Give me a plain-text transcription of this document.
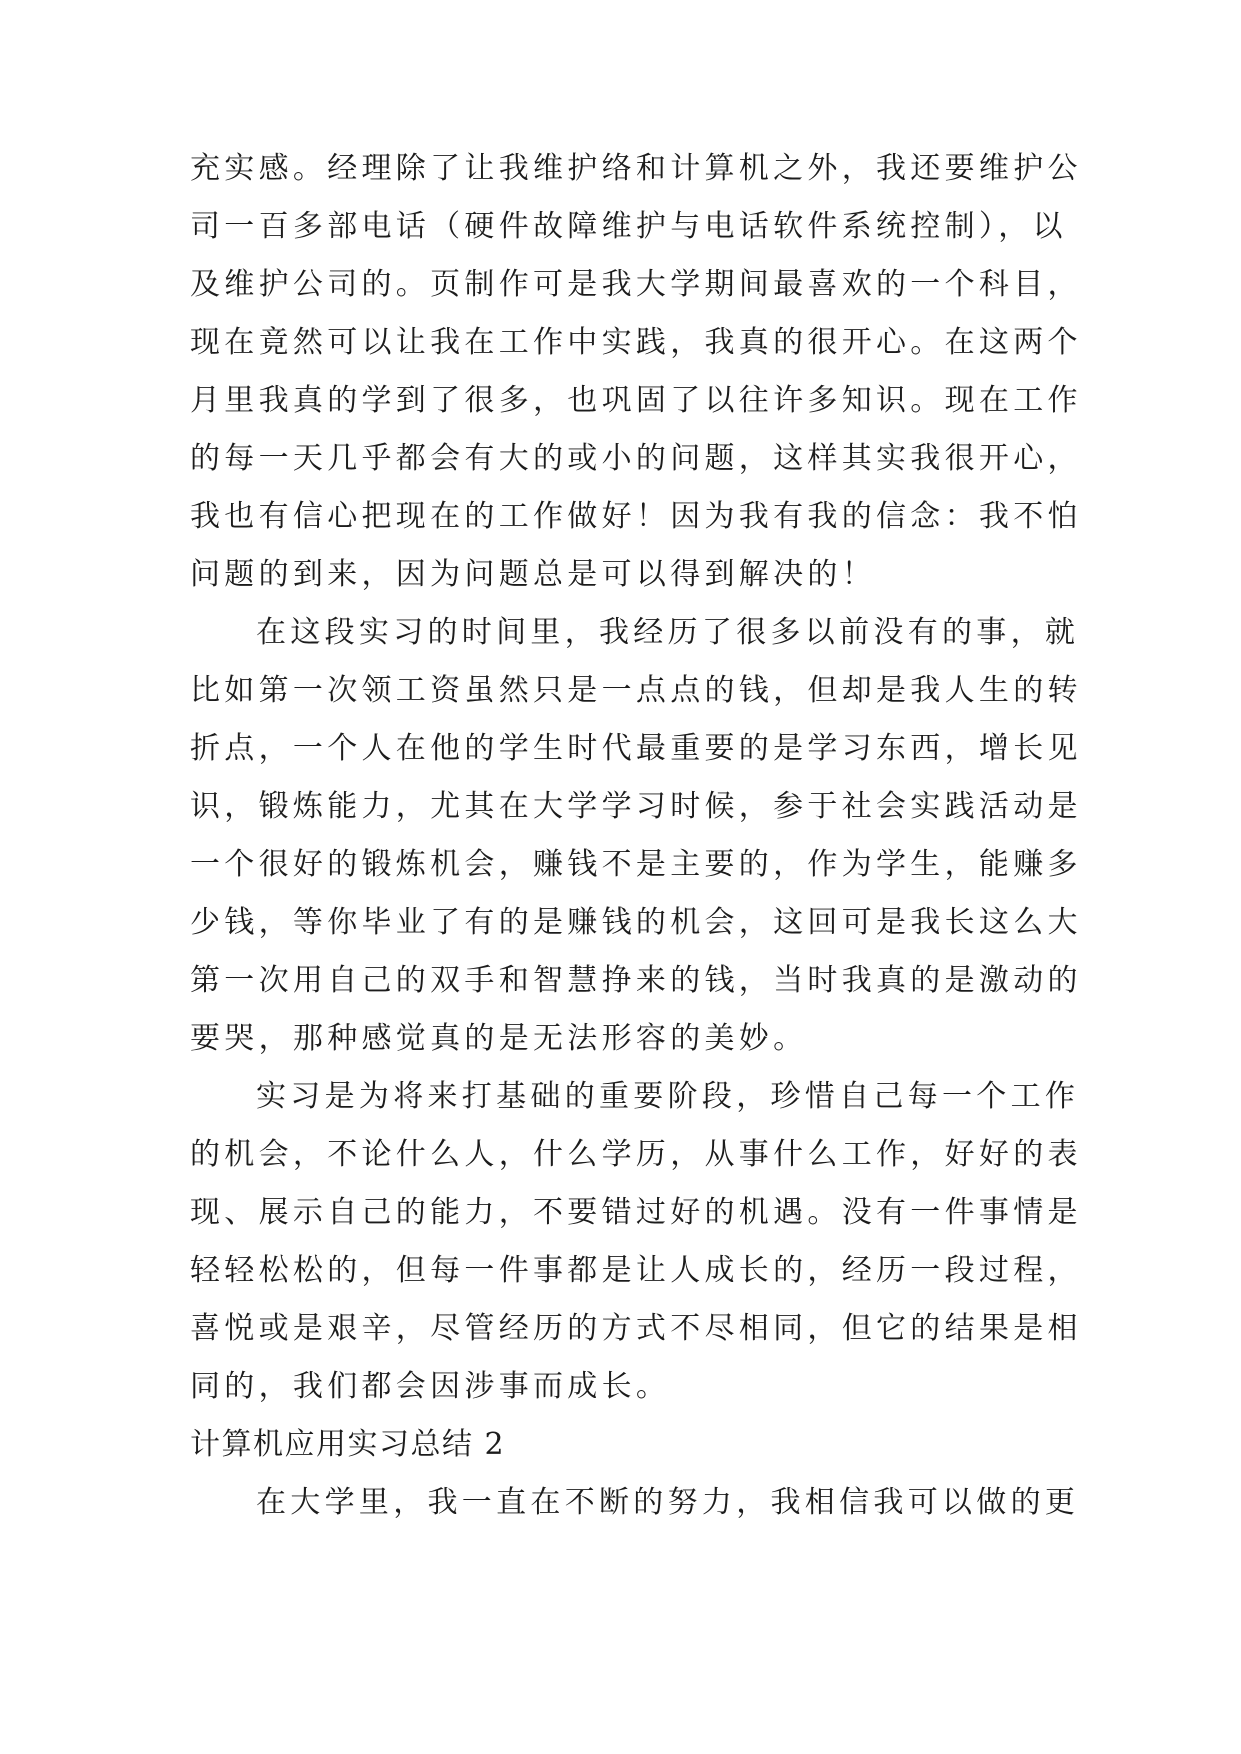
充实感。经理除了让我维护络和计算机之外，我还要维护公
司一百多部电话（硬件故障维护与电话软件系统控制），以
及维护公司的。页制作可是我大学期间最喜欢的一个科目，
现在竟然可以让我在工作中实践，我真的很开心。在这两个
月里我真的学到了很多，也巩固了以往许多知识。现在工作
的每一天几乎都会有大的或小的问题，这样其实我很开心，
我也有信心把现在的工作做好！因为我有我的信念：我不怕
问题的到来，因为问题总是可以得到解决的！
在这段实习的时间里，我经历了很多以前没有的事，就
比如第一次领工资虽然只是一点点的钱，但却是我人生的转
折点，一个人在他的学生时代最重要的是学习东西，增长见
识，锻炼能力，尤其在大学学习时候，参于社会实践活动是
一个很好的锻炼机会，赚钱不是主要的，作为学生，能赚多
少钱，等你毕业了有的是赚钱的机会，这回可是我长这么大
第一次用自己的双手和智慧挣来的钱，当时我真的是激动的
要哭，那种感觉真的是无法形容的美妙。
实习是为将来打基础的重要阶段，珍惜自己每一个工作
的机会，不论什么人，什么学历，从事什么工作，好好的表
现、展示自己的能力，不要错过好的机遇。没有一件事情是
轻轻松松的，但每一件事都是让人成长的，经历一段过程，
喜悦或是艰辛，尽管经历的方式不尽相同，但它的结果是相
同的，我们都会因涉事而成长。
计算机应用实习总结 2
在大学里，我一直在不断的努力，我相信我可以做的更
